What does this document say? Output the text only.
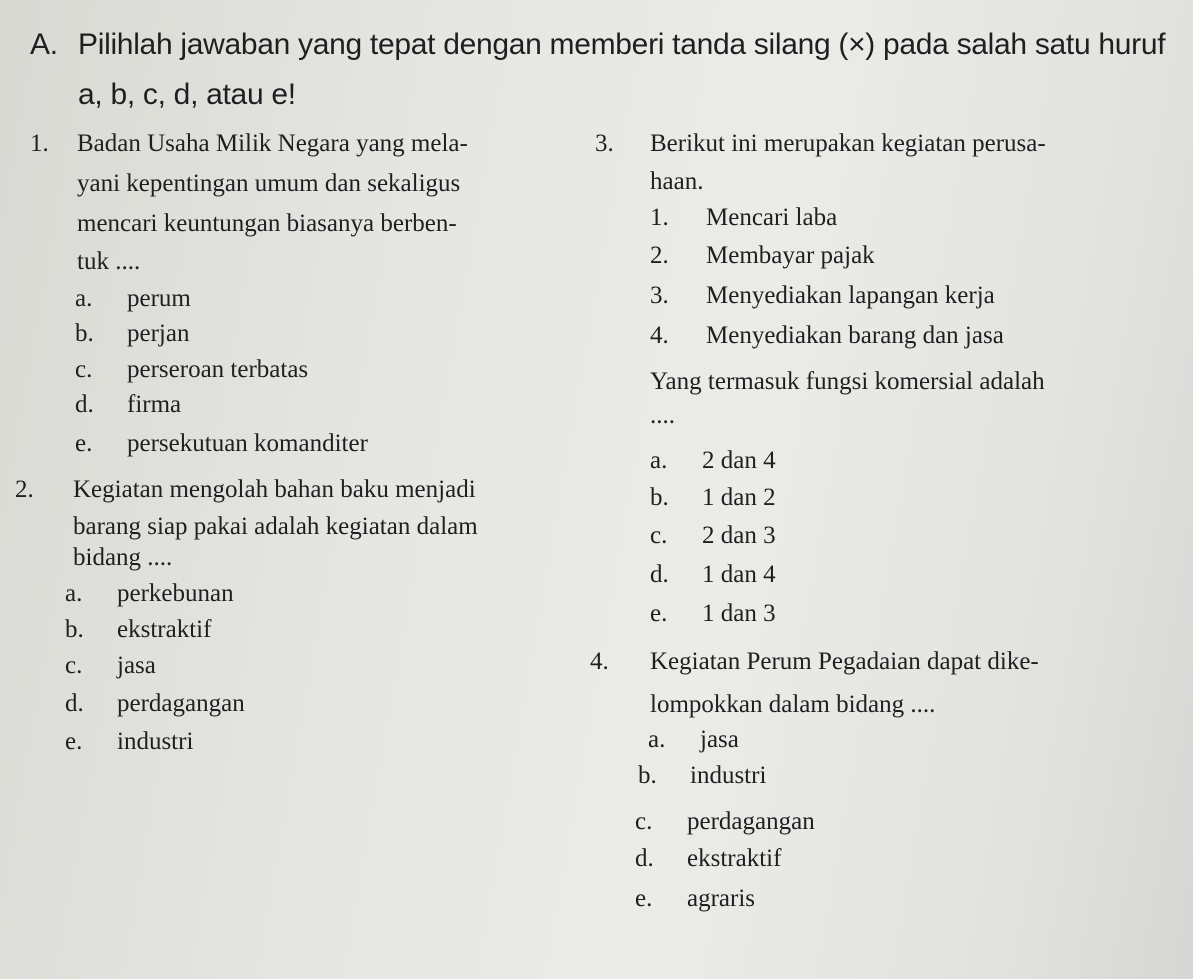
A. Pilihlah jawaban yang tepat dengan memberi tanda silang (×) pada salah satu huruf
a, b, c, d, atau e!
1. Badan Usaha Milik Negara yang mela-
yani kepentingan umum dan sekaligus
mencari keuntungan biasanya berben-
tuk ....
a. perum
b. perjan
c. perseroan terbatas
d. firma
e. persekutuan komanditer
2. Kegiatan mengolah bahan baku menjadi
barang siap pakai adalah kegiatan dalam
bidang ....
a. perkebunan
b. ekstraktif
c. jasa
d. perdagangan
e. industri
3. Berikut ini merupakan kegiatan perusa-
haan.
1. Mencari laba
2. Membayar pajak
3. Menyediakan lapangan kerja
4. Menyediakan barang dan jasa
Yang termasuk fungsi komersial adalah
....
a. 2 dan 4
b. 1 dan 2
c. 2 dan 3
d. 1 dan 4
e. 1 dan 3
4. Kegiatan Perum Pegadaian dapat dike-
lompokkan dalam bidang ....
a. jasa
b. industri
c. perdagangan
d. ekstraktif
e. agraris
